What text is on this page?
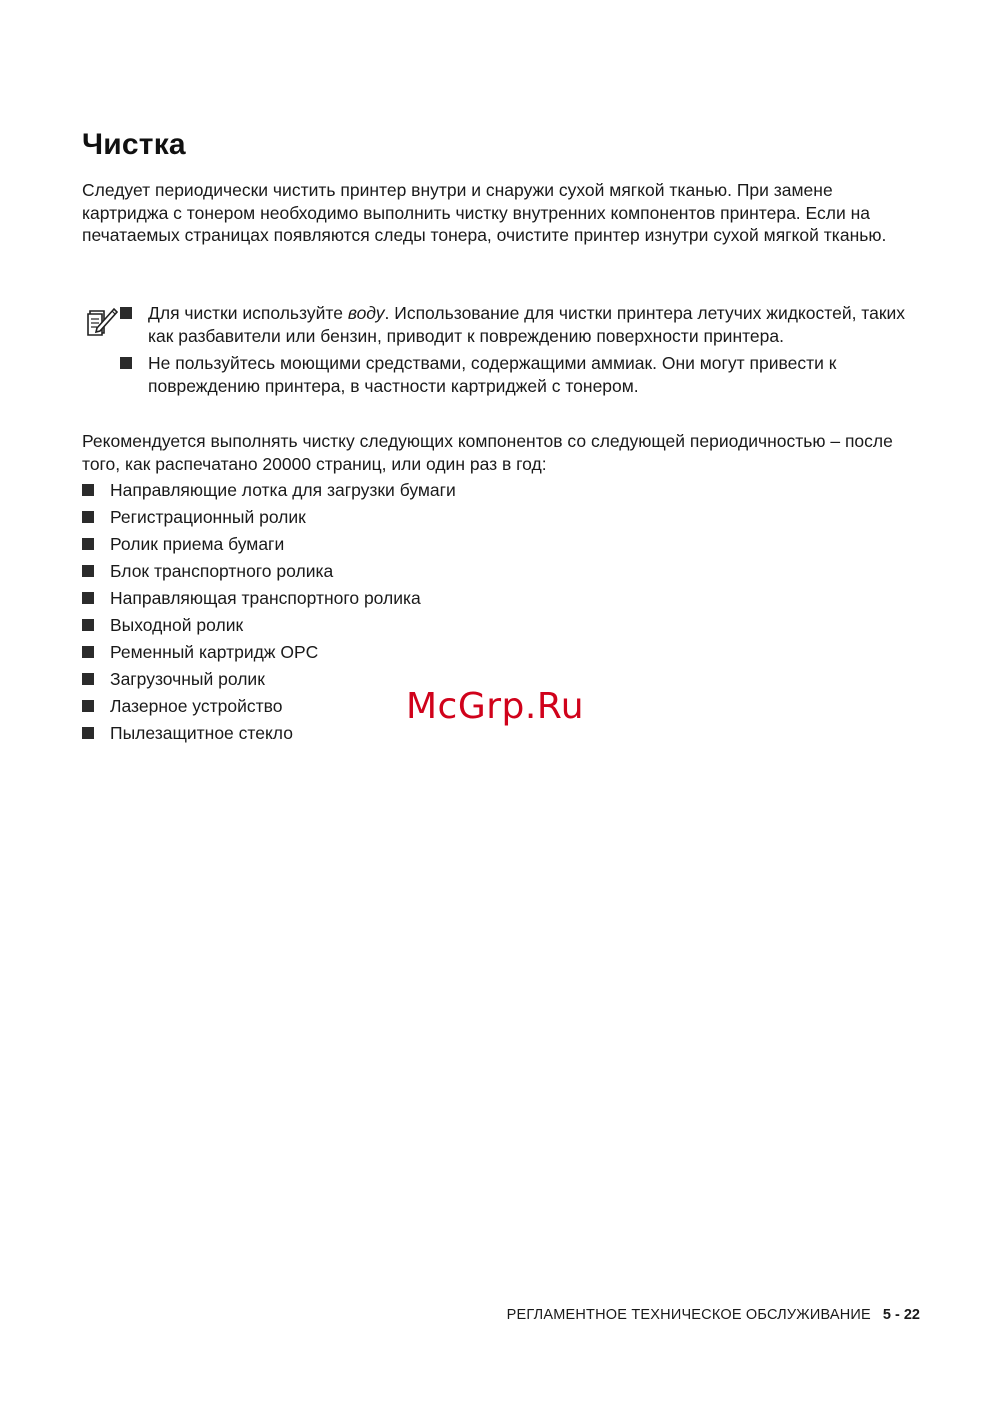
Чистка

Следует периодически чистить принтер внутри и снаружи сухой мягкой тканью. При замене картриджа с тонером необходимо выполнить чистку внутренних компонентов принтера. Если на печатаемых страницах появляются следы тонера, очистите принтер изнутри сухой мягкой тканью.

Для чистки используйте воду. Использование для чистки принтера летучих жидкостей, таких как разбавители или бензин, приводит к повреждению поверхности принтера.
Не пользуйтесь моющими средствами, содержащими аммиак. Они могут привести к повреждению принтера, в частности картриджей с тонером.

Рекомендуется выполнять чистку следующих компонентов со следующей периодичностью – после того, как распечатано 20000 страниц, или один раз в год:

Направляющие лотка для загрузки бумаги
Регистрационный ролик
Ролик приема бумаги
Блок транспортного ролика
Направляющая транспортного ролика
Выходной ролик
Ременный картридж OPC
Загрузочный ролик
Лазерное устройство
Пылезащитное стекло
McGrp.Ru
РЕГЛАМЕНТНОЕ ТЕХНИЧЕСКОЕ ОБСЛУЖИВАНИЕ 5 - 22
